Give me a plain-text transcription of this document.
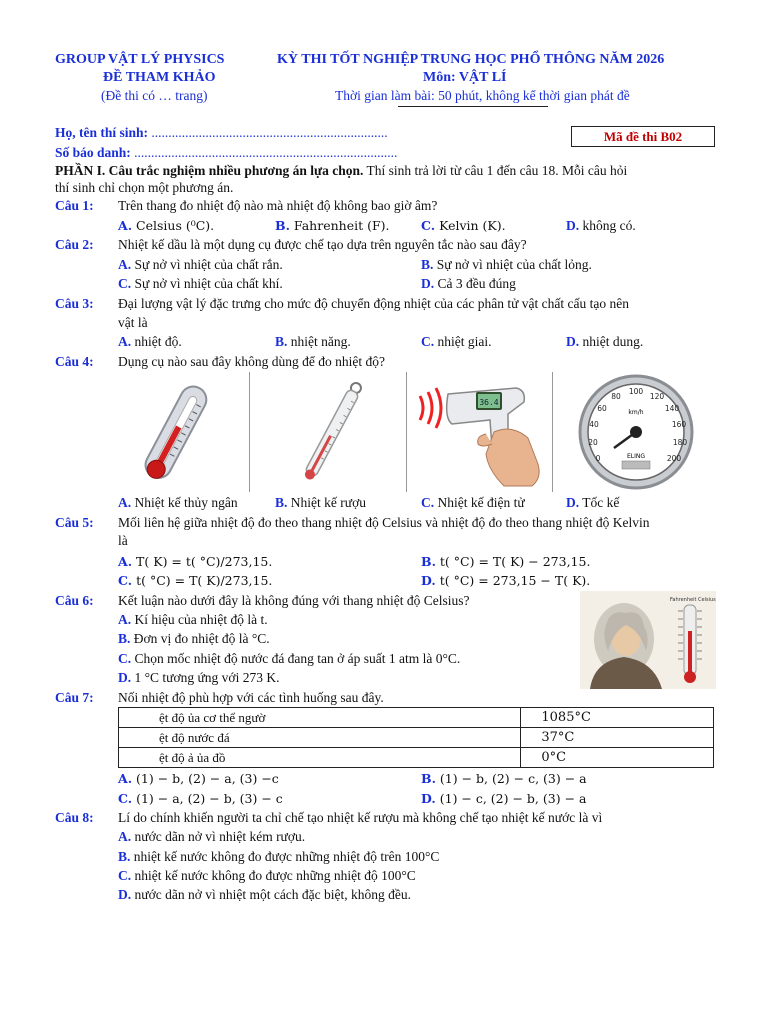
GROUP VẬT LÝ PHYSICS
ĐỀ THAM KHẢO
(Đề thi có … trang)
KỲ THI TỐT NGHIỆP TRUNG HỌC PHỔ THÔNG NĂM 2026
Môn: VẬT LÍ
Thời gian làm bài: 50 phút, không kể thời gian phát đề
Họ, tên thí sinh: ......................................................................
Số báo danh: ..............................................................................
Mã đề thi B02
PHẦN I. Câu trắc nghiệm nhiều phương án lựa chọn. Thí sinh trả lời từ câu 1 đến câu 18. Mỗi câu hỏi
thí sinh chỉ chọn một phương án.
Câu 1: Trên thang đo nhiệt độ nào mà nhiệt độ không bao giờ âm?
A. Celsius (⁰C).	B. Fahrenheit (F).	C. Kelvin (K).	D. không có.
Câu 2: Nhiệt kế dầu là một dụng cụ được chế tạo dựa trên nguyên tắc nào sau đây?
A. Sự nở vì nhiệt của chất rắn.	B. Sự nở vì nhiệt của chất lỏng.
C. Sự nở vì nhiệt của chất khí.	D. Cả 3 đều đúng
Câu 3: Đại lượng vật lý đặc trưng cho mức độ chuyển động nhiệt của các phân tử vật chất cấu tạo nên
vật là
A. nhiệt độ.	B. nhiệt năng.	C. nhiệt giai.	D. nhiệt dung.
Câu 4: Dụng cụ nào sau đây không dùng để đo nhiệt độ?
36.4
0
20
40
60
80
100
120
140
160
180
200
km/h
ELING
A. Nhiệt kế thủy ngân	B. Nhiệt kế rượu	C. Nhiệt kế điện tử	D. Tốc kế
Câu 5: Mối liên hệ giữa nhiệt độ đo theo thang nhiệt độ Celsius và nhiệt độ đo theo thang nhiệt độ Kelvin
là
A. T( K) = t( °C)/273,15.	B. t( °C) = T( K) − 273,15.
C. t( °C) = T( K)/273,15.	D. t( °C) = 273,15 − T( K).
Câu 6: Kết luận nào dưới đây là không đúng với thang nhiệt độ Celsius?
A. Kí hiệu của nhiệt độ là t.
B. Đơn vị đo nhiệt độ là °C.
C. Chọn mốc nhiệt độ nước đá đang tan ở áp suất 1 atm là 0°C.
D. 1 °C tương ứng với 273 K.
Fahrenheit Celsius
Câu 7: Nối nhiệt độ phù hợp với các tình huống sau đây.
ệt độ ủa cơ thể ngườ	1085°C
ệt độ nước đá	37°C
ệt độ ả ủa đồ	0°C
A. (1) − b, (2) − a, (3) −c	B. (1) − b, (2) − c, (3) − a
C. (1) − a, (2) − b, (3) − c	D. (1) − c, (2) − b, (3) − a
Câu 8: Lí do chính khiến người ta chỉ chế tạo nhiệt kế rượu mà không chế tạo nhiệt kế nước là vì
A. nước dãn nở vì nhiệt kém rượu.
B. nhiệt kế nước không đo được những nhiệt độ trên 100°C
C. nhiệt kế nước không đo được những nhiệt độ 100°C
D. nước dãn nở vì nhiệt một cách đặc biệt, không đều.
